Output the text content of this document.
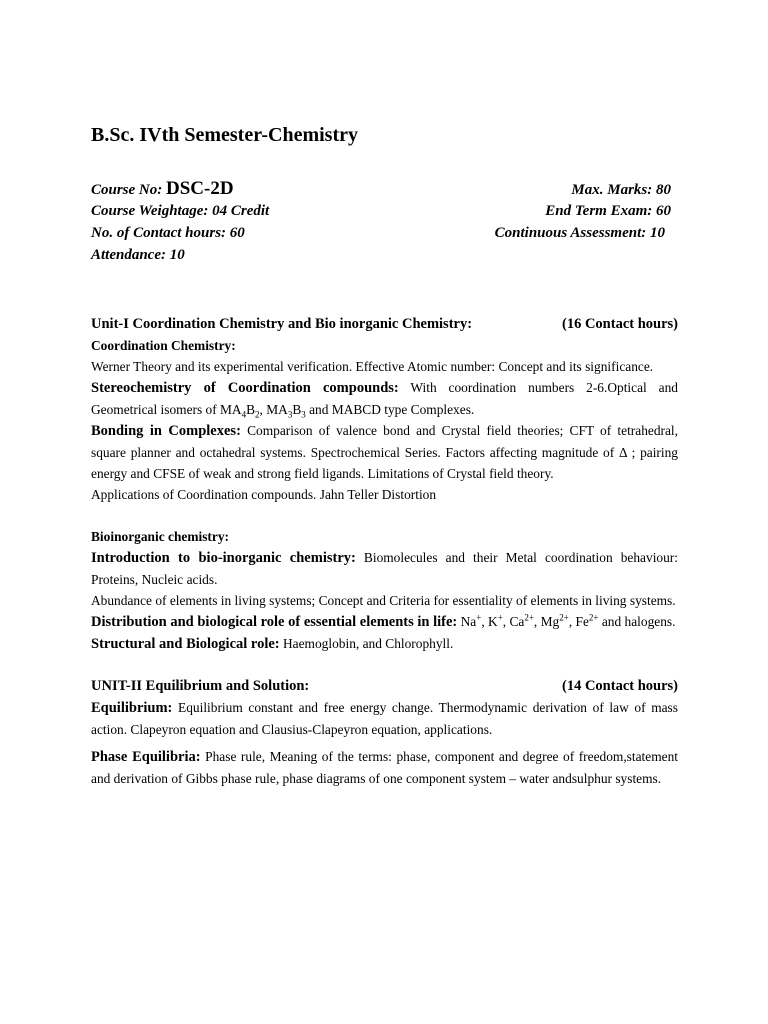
B.Sc. IVth Semester-Chemistry
Course No: DSC-2D	Max. Marks: 80
Course Weightage: 04 Credit	End Term Exam: 60
No. of Contact hours: 60	Continuous Assessment: 10
Attendance: 10
Unit-I Coordination Chemistry and Bio inorganic Chemistry:	(16 Contact hours)

Coordination Chemistry:

Werner Theory and its experimental verification. Effective Atomic number: Concept and its significance.

Stereochemistry of Coordination compounds: With coordination numbers 2-6.Optical and Geometrical isomers of $MA_4B_2$, $MA_3B_3$ and MABCD type Complexes.

Bonding in Complexes: Comparison of valence bond and Crystal field theories; CFT of tetrahedral, square planner and octahedral systems. Spectrochemical Series. Factors affecting magnitude of Δ ; pairing energy and CFSE of weak and strong field ligands. Limitations of Crystal field theory.

Applications of Coordination compounds. Jahn Teller Distortion

Bioinorganic chemistry:

Introduction to bio-inorganic chemistry: Biomolecules and their Metal coordination behaviour: Proteins, Nucleic acids.

Abundance of elements in living systems; Concept and Criteria for essentiality of elements in living systems.

Distribution and biological role of essential elements in life: Na+, K+, $Ca^{2+}$, $Mg^{2+}$, $Fe^{2+}$ and halogens.

Structural and Biological role: Haemoglobin, and Chlorophyll.

UNIT-II Equilibrium and Solution:	(14 Contact hours)

Equilibrium: Equilibrium constant and free energy change. Thermodynamic derivation of law of mass action. Clapeyron equation and Clausius-Clapeyron equation, applications.

Phase Equilibria: Phase rule, Meaning of the terms: phase, component and degree of freedom,statement and derivation of Gibbs phase rule, phase diagrams of one component system – water andsulphur systems.
